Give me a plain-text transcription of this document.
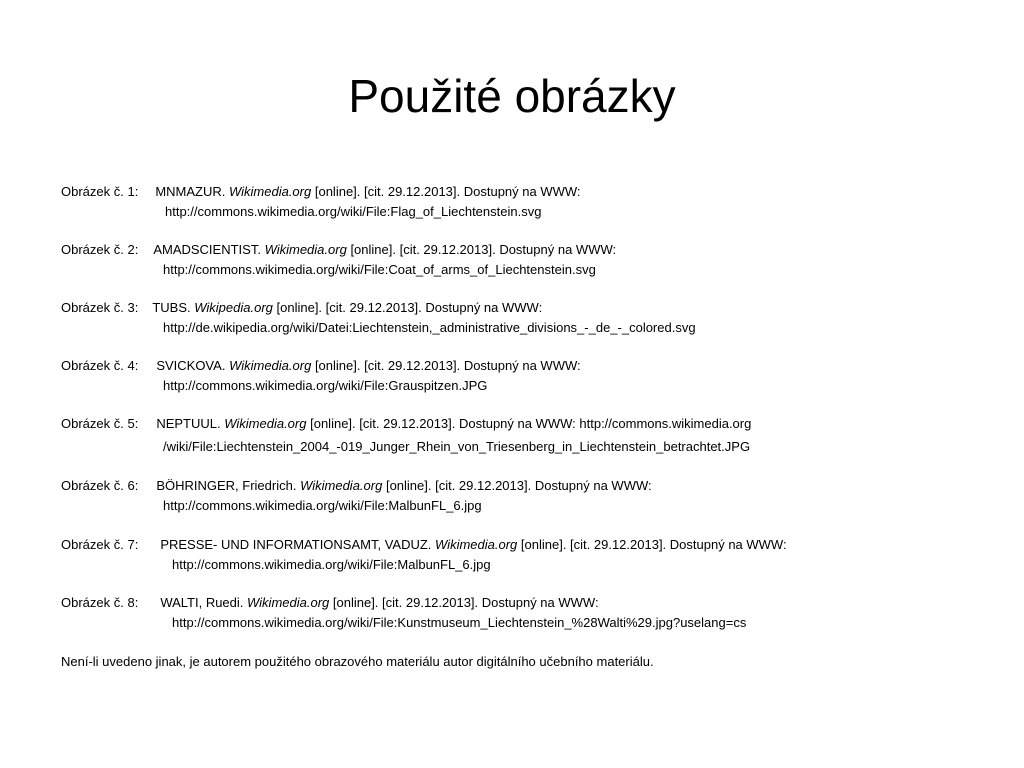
Použité obrázky
Obrázek č. 1: MNMAZUR. Wikimedia.org [online]. [cit. 29.12.2013]. Dostupný na WWW:
http://commons.wikimedia.org/wiki/File:Flag_of_Liechtenstein.svg
Obrázek č. 2: AMADSCIENTIST. Wikimedia.org [online]. [cit. 29.12.2013]. Dostupný na WWW:
http://commons.wikimedia.org/wiki/File:Coat_of_arms_of_Liechtenstein.svg
Obrázek č. 3: TUBS. Wikipedia.org [online]. [cit. 29.12.2013]. Dostupný na WWW:
http://de.wikipedia.org/wiki/Datei:Liechtenstein,_administrative_divisions_-_de_-_colored.svg
Obrázek č. 4: SVICKOVA. Wikimedia.org [online]. [cit. 29.12.2013]. Dostupný na WWW:
http://commons.wikimedia.org/wiki/File:Grauspitzen.JPG
Obrázek č. 5: NEPTUUL. Wikimedia.org [online]. [cit. 29.12.2013]. Dostupný na WWW: http://commons.wikimedia.org
/wiki/File:Liechtenstein_2004_-019_Junger_Rhein_von_Triesenberg_in_Liechtenstein_betrachtet.JPG
Obrázek č. 6: BÖHRINGER, Friedrich. Wikimedia.org [online]. [cit. 29.12.2013]. Dostupný na WWW:
http://commons.wikimedia.org/wiki/File:MalbunFL_6.jpg
Obrázek č. 7: PRESSE- UND INFORMATIONSAMT, VADUZ. Wikimedia.org [online]. [cit. 29.12.2013]. Dostupný na WWW:
http://commons.wikimedia.org/wiki/File:MalbunFL_6.jpg
Obrázek č. 8: WALTI, Ruedi. Wikimedia.org [online]. [cit. 29.12.2013]. Dostupný na WWW:
http://commons.wikimedia.org/wiki/File:Kunstmuseum_Liechtenstein_%28Walti%29.jpg?uselang=cs
Není-li uvedeno jinak, je autorem použitého obrazového materiálu autor digitálního učebního materiálu.
